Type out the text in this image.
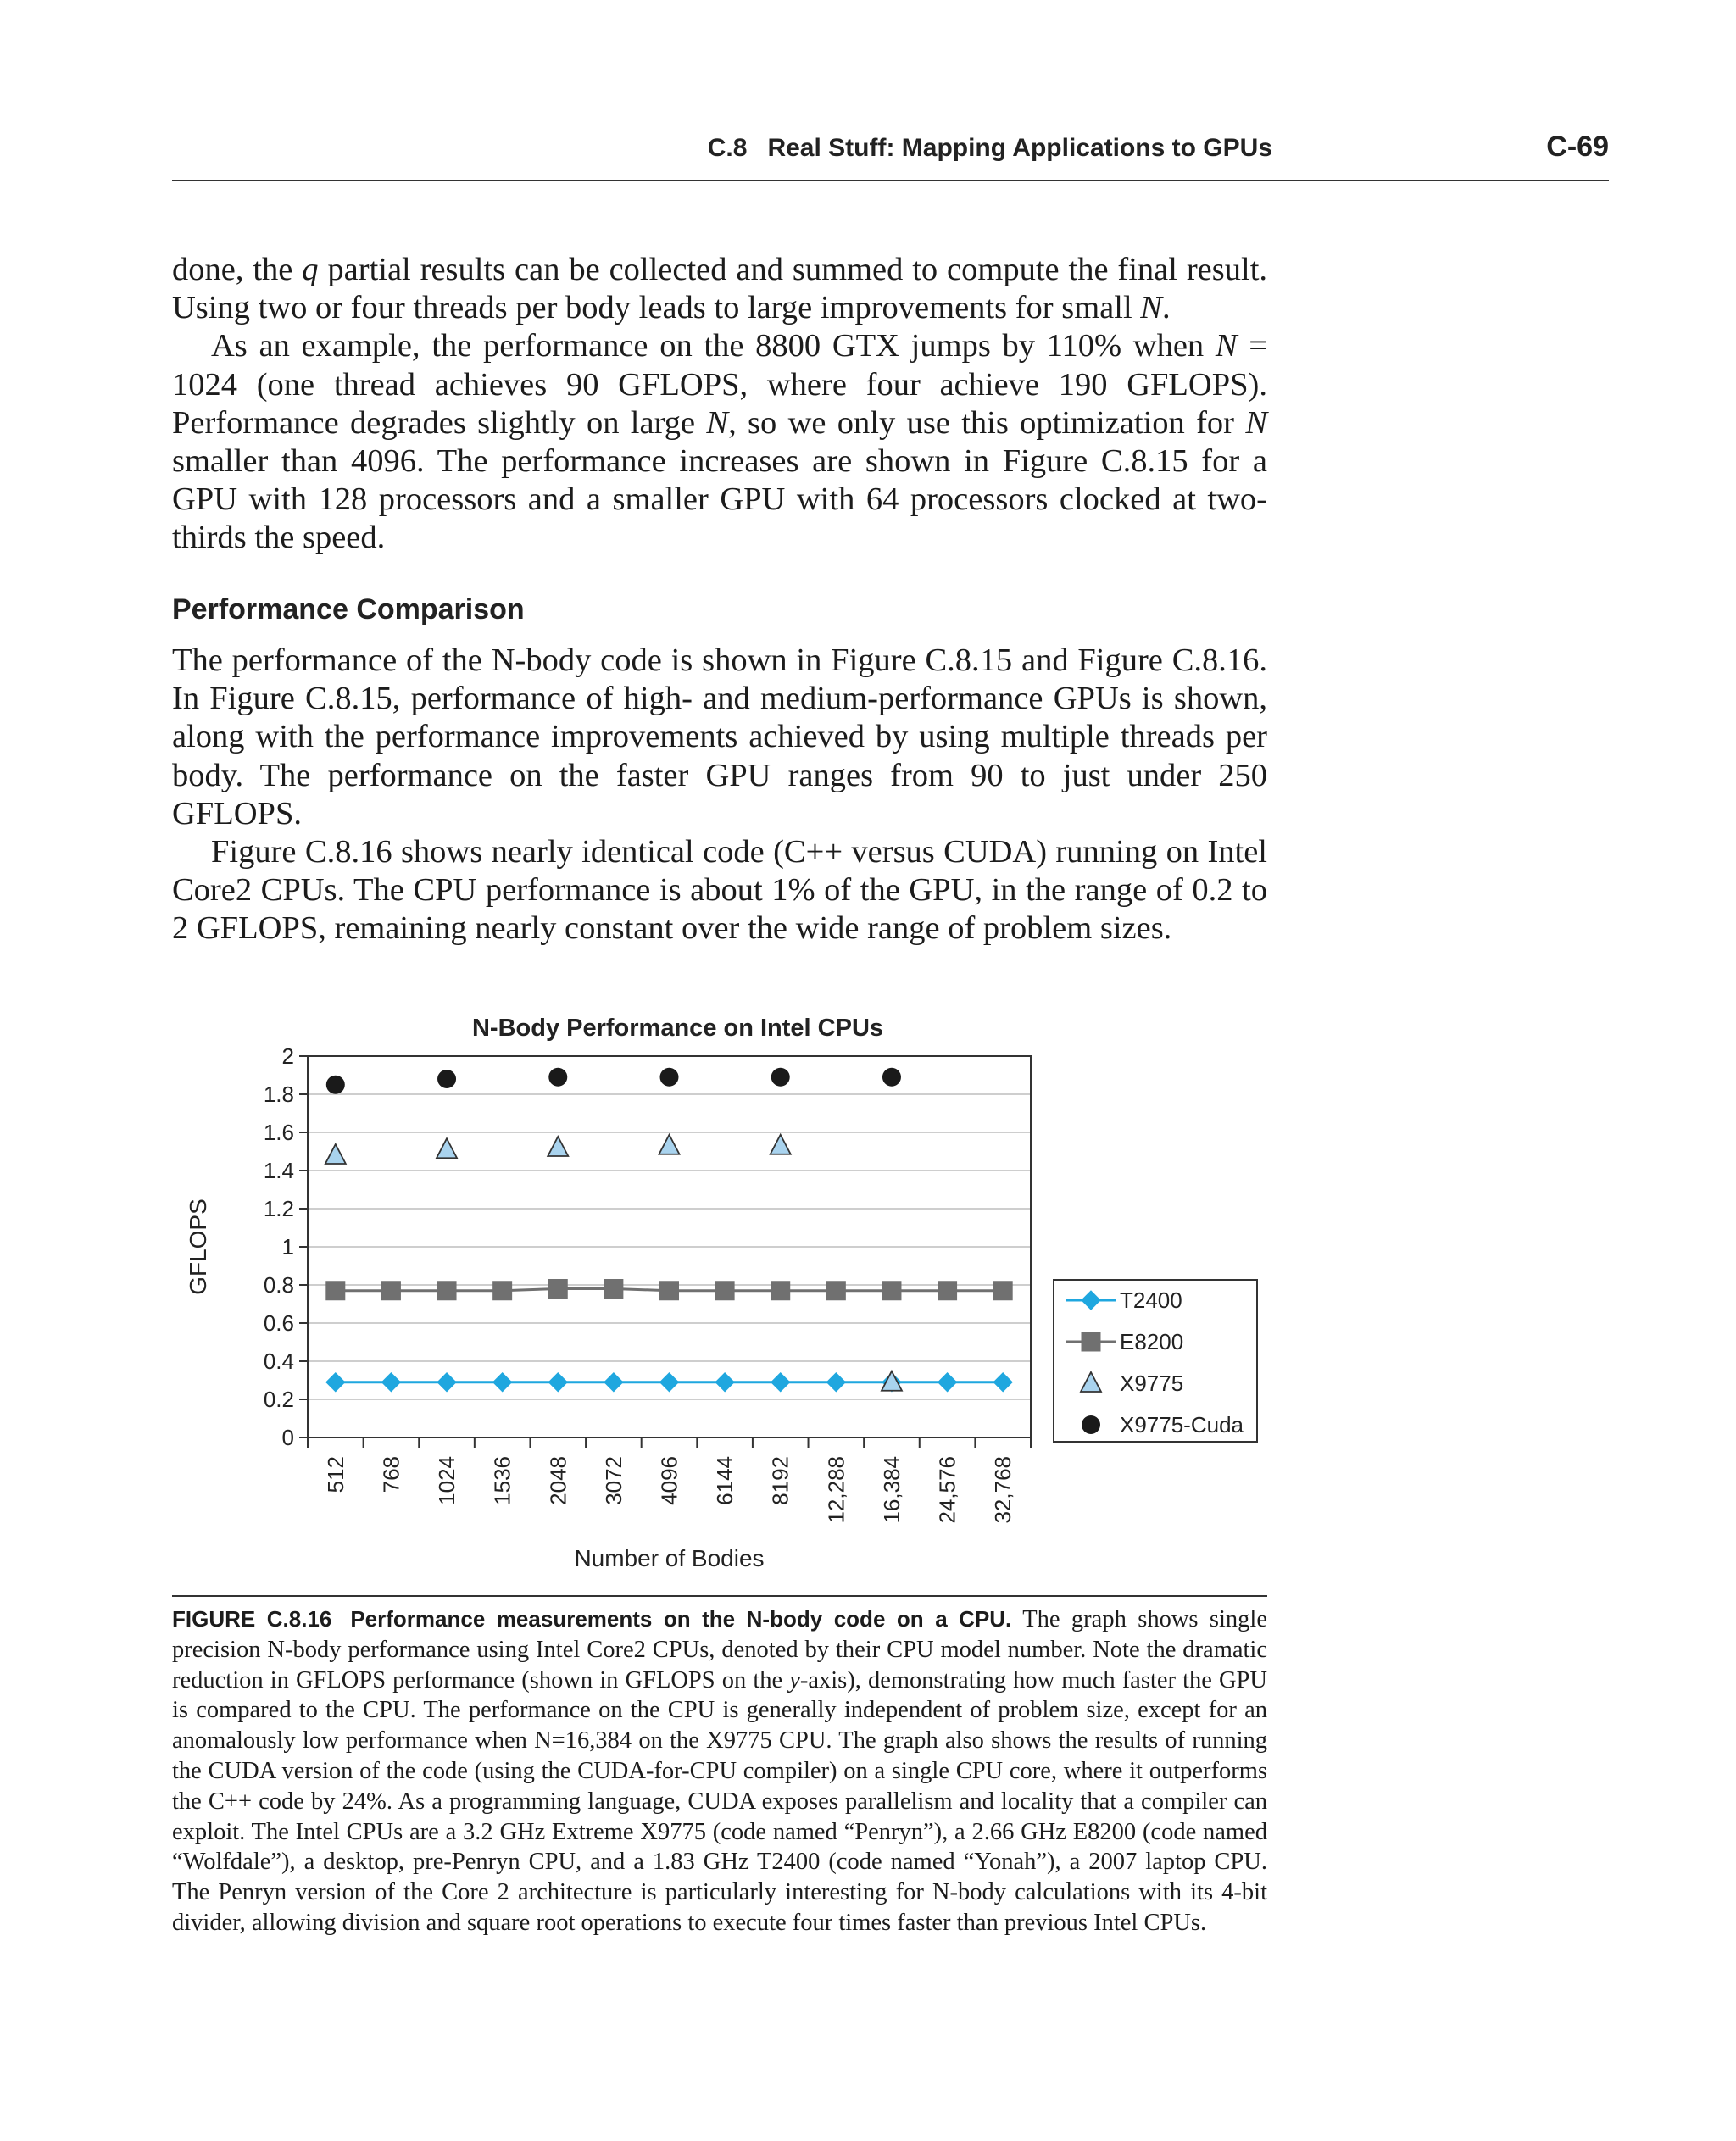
C.8 Real Stuff: Mapping Applications to GPUs	C-69

done, the q partial results can be collected and summed to compute the final result. Using two or four threads per body leads to large improvements for small N.

As an example, the performance on the 8800 GTX jumps by 110% when N = 1024 (one thread achieves 90 GFLOPS, where four achieve 190 GFLOPS). Performance degrades slightly on large N, so we only use this optimization for N smaller than 4096. The performance increases are shown in Figure C.8.15 for a GPU with 128 processors and a smaller GPU with 64 processors clocked at two-thirds the speed.

Performance Comparison

The performance of the N-body code is shown in Figure C.8.15 and Figure C.8.16. In Figure C.8.15, performance of high- and medium-performance GPUs is shown, along with the performance improvements achieved by using multiple threads per body. The performance on the faster GPU ranges from 90 to just under 250 GFLOPS.

Figure C.8.16 shows nearly identical code (C++ versus CUDA) running on Intel Core2 CPUs. The CPU performance is about 1% of the GPU, in the range of 0.2 to 2 GFLOPS, remaining nearly constant over the wide range of problem sizes.

0
0.2
0.4
0.6
0.8
1
1.2
1.4
1.6
1.8
2
512 768 1024 1536 2048 3072 4096 6144 8192 12,288 16,384 24,576 32,768
N-Body Performance on Intel CPUs
Number of Bodies
GFLOPS
T2400
E8200
X9775
X9775-Cuda
FIGURE C.8.16 Performance measurements on the N-body code on a CPU. The graph shows single precision N-body performance using Intel Core2 CPUs, denoted by their CPU model number. Note the dramatic reduction in GFLOPS performance (shown in GFLOPS on the y-axis), demonstrating how much faster the GPU is compared to the CPU. The performance on the CPU is generally independent of problem size, except for an anomalously low performance when N=16,384 on the X9775 CPU. The graph also shows the results of running the CUDA version of the code (using the CUDA-for-CPU compiler) on a single CPU core, where it outperforms the C++ code by 24%. As a programming language, CUDA exposes parallelism and locality that a compiler can exploit. The Intel CPUs are a 3.2 GHz Extreme X9775 (code named “Penryn”), a 2.66 GHz E8200 (code named “Wolfdale”), a desktop, pre-Penryn CPU, and a 1.83 GHz T2400 (code named “Yonah”), a 2007 laptop CPU. The Penryn version of the Core 2 architecture is particularly interesting for N-body calculations with its 4-bit divider, allowing division and square root operations to execute four times faster than previous Intel CPUs.
